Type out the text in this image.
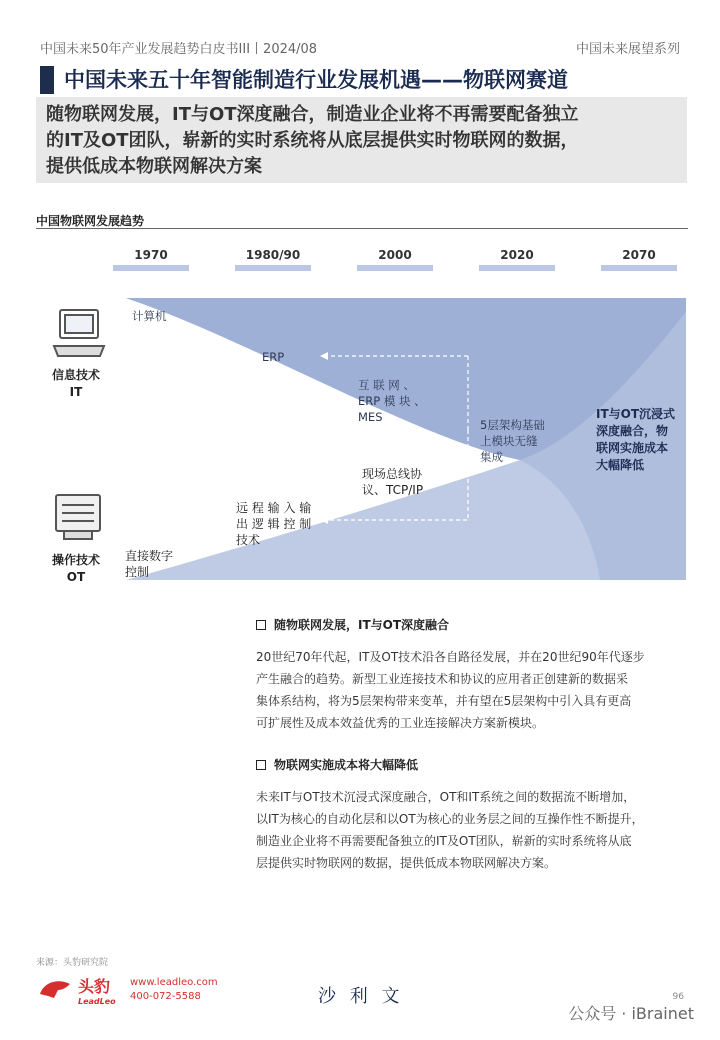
中国未来50年产业发展趋势白皮书III丨2024/08	中国未来展望系列
中国未来五十年智能制造行业发展机遇——物联网赛道
随物联网发展，IT与OT深度融合，制造业企业将不再需要配备独立
的IT及OT团队，崭新的实时系统将从底层提供实时物联网的数据，
提供低成本物联网解决方案
中国物联网发展趋势
1970	1980/90	2000	2020	2070
信息技术
IT
操作技术
OT
计算机
ERP
互 联 网 、
ERP 模 块 、
MES
5层架构基础
上模块无缝
集成
现场总线协
议、TCP/IP
远 程 输 入 输
出 逻 辑 控 制
技术
直接数字
控制
IT与OT沉浸式
深度融合，物
联网实施成本
大幅降低
随物联网发展，IT与OT深度融合
20世纪70年代起，IT及OT技术沿各自路径发展，并在20世纪90年代逐步
产生融合的趋势。新型工业连接技术和协议的应用者正创建新的数据采
集体系结构，将为5层架构带来变革，并有望在5层架构中引入具有更高
可扩展性及成本效益优秀的工业连接解决方案新模块。
物联网实施成本将大幅降低
未来IT与OT技术沉浸式深度融合，OT和IT系统之间的数据流不断增加，
以IT为核心的自动化层和以OT为核心的业务层之间的互操作性不断提升，
制造业企业将不再需要配备独立的IT及OT团队，崭新的实时系统将从底
层提供实时物联网的数据，提供低成本物联网解决方案。
来源：头豹研究院
头豹
LeadLeo
www.leadleo.com
400-072-5588	沙 利 文	96
公众号 · iBrainet
